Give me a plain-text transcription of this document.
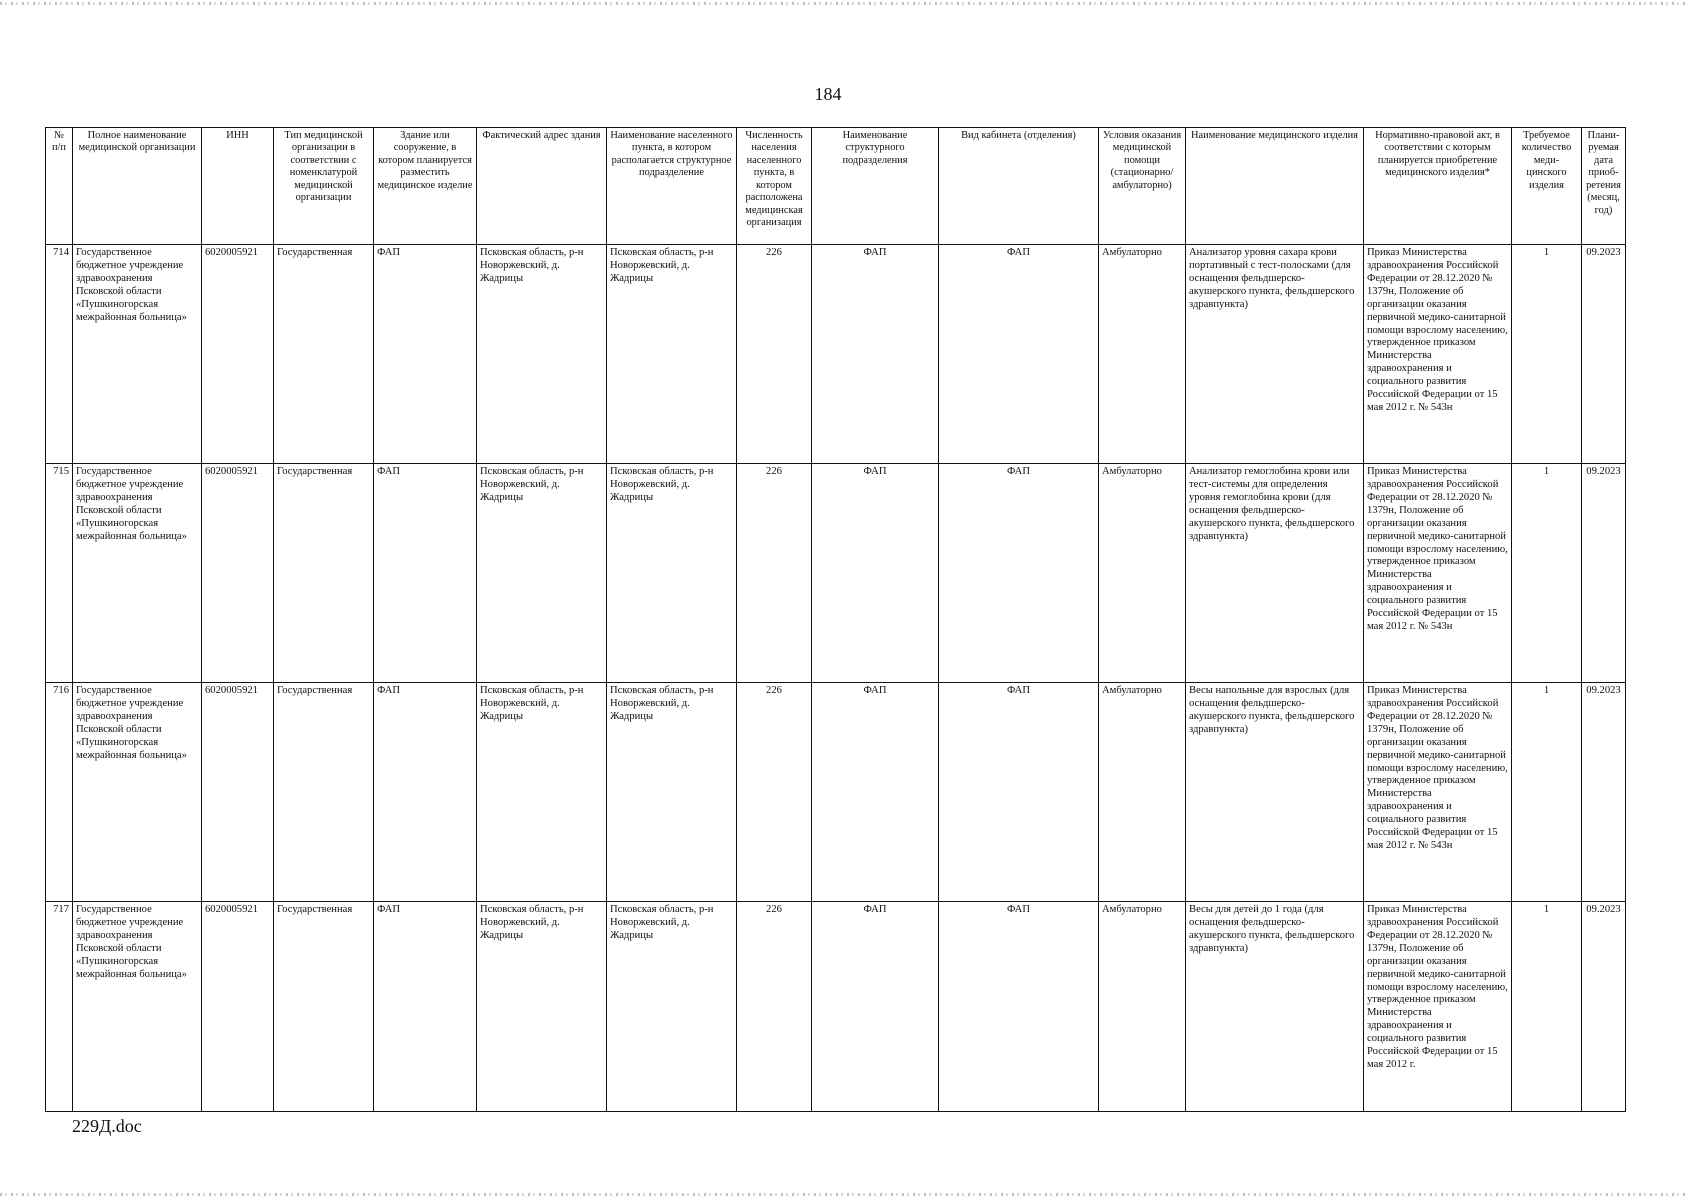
184
№ п/п	Полное наименование медицинской организации	ИНН	Тип медицинской организации в соответствии с номенклатурой медицинской организации	Здание или сооружение, в котором планируется разместить медицинское изделие	Фактический адрес здания	Наименование населенного пункта, в котором располагается структурное подразделение	Численность населения населенного пункта, в котором расположена медицинская организация	Наименование структурного подразделения	Вид кабинета (отделения)	Условия оказания медицинской помощи (стационарно/ амбулаторно)	Наименование медицинского изделия	Нормативно-правовой акт, в соответствии с которым планируется приобретение медицинского изделия*	Требуемое количество меди-цинского изделия	Плани-руемая дата приоб-ретения (месяц, год)
714	Государственное бюджетное учреждение здравоохранения Псковской области «Пушкиногорская межрайонная больница»	6020005921	Государственная	ФАП	Псковская область, р-н Новоржевский, д. Жадрицы	Псковская область, р-н Новоржевский, д. Жадрицы	226	ФАП	ФАП	Амбулаторно	Анализатор уровня сахара крови портативный с тест-полосками (для оснащения фельдшерско-акушерского пункта, фельдшерского здравпункта)	Приказ Министерства здравоохранения Российской Федерации от 28.12.2020 № 1379н, Положение об организации оказания первичной медико-санитарной помощи взрослому населению, утвержденное приказом Министерства здравоохранения и социального развития Российской Федерации от 15 мая 2012 г. № 543н	1	09.2023
715	Государственное бюджетное учреждение здравоохранения Псковской области «Пушкиногорская межрайонная больница»	6020005921	Государственная	ФАП	Псковская область, р-н Новоржевский, д. Жадрицы	Псковская область, р-н Новоржевский, д. Жадрицы	226	ФАП	ФАП	Амбулаторно	Анализатор гемоглобина крови или тест-системы для определения уровня гемоглобина крови (для оснащения фельдшерско-акушерского пункта, фельдшерского здравпункта)	Приказ Министерства здравоохранения Российской Федерации от 28.12.2020 № 1379н, Положение об организации оказания первичной медико-санитарной помощи взрослому населению, утвержденное приказом Министерства здравоохранения и социального развития Российской Федерации от 15 мая 2012 г. № 543н	1	09.2023
716	Государственное бюджетное учреждение здравоохранения Псковской области «Пушкиногорская межрайонная больница»	6020005921	Государственная	ФАП	Псковская область, р-н Новоржевский, д. Жадрицы	Псковская область, р-н Новоржевский, д. Жадрицы	226	ФАП	ФАП	Амбулаторно	Весы напольные для взрослых (для оснащения фельдшерско-акушерского пункта, фельдшерского здравпункта)	Приказ Министерства здравоохранения Российской Федерации от 28.12.2020 № 1379н, Положение об организации оказания первичной медико-санитарной помощи взрослому населению, утвержденное приказом Министерства здравоохранения и социального развития Российской Федерации от 15 мая 2012 г. № 543н	1	09.2023
717	Государственное бюджетное учреждение здравоохранения Псковской области «Пушкиногорская межрайонная больница»	6020005921	Государственная	ФАП	Псковская область, р-н Новоржевский, д. Жадрицы	Псковская область, р-н Новоржевский, д. Жадрицы	226	ФАП	ФАП	Амбулаторно	Весы для детей до 1 года (для оснащения фельдшерско-акушерского пункта, фельдшерского здравпункта)	Приказ Министерства здравоохранения Российской Федерации от 28.12.2020 № 1379н, Положение об организации оказания первичной медико-санитарной помощи взрослому населению, утвержденное приказом Министерства здравоохранения и социального развития Российской Федерации от 15 мая 2012 г.	1	09.2023
229Д.doc
